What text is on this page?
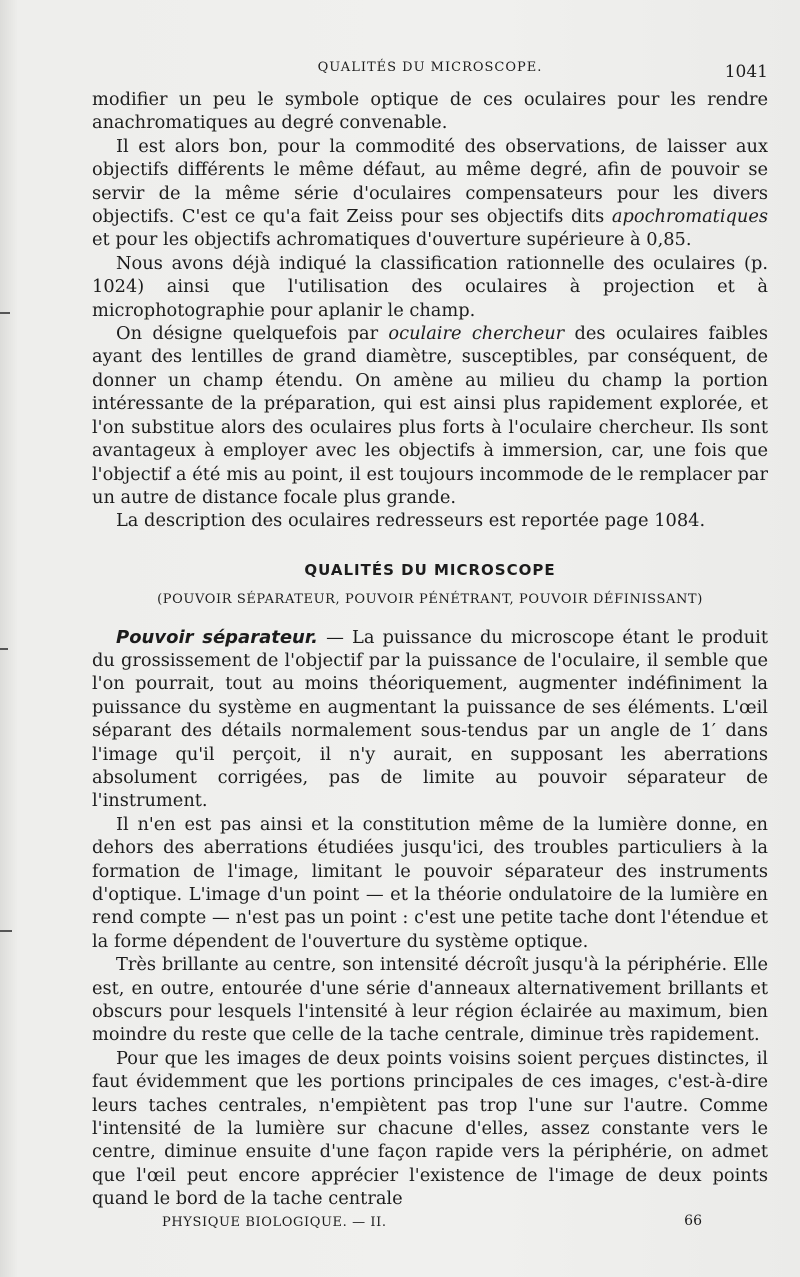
QUALITÉS DU MICROSCOPE.	1041

modifier un peu le symbole optique de ces oculaires pour les rendre anachromatiques au degré convenable.

Il est alors bon, pour la commodité des observations, de laisser aux objectifs différents le même défaut, au même degré, afin de pouvoir se servir de la même série d'oculaires compensateurs pour les divers objectifs. C'est ce qu'a fait Zeiss pour ses objectifs dits apochromatiques et pour les objectifs achromatiques d'ouverture supérieure à 0,85.

Nous avons déjà indiqué la classification rationnelle des oculaires (p. 1024) ainsi que l'utilisation des oculaires à projection et à microphotographie pour aplanir le champ.

On désigne quelquefois par oculaire chercheur des oculaires faibles ayant des lentilles de grand diamètre, susceptibles, par conséquent, de donner un champ étendu. On amène au milieu du champ la portion intéressante de la préparation, qui est ainsi plus rapidement explorée, et l'on substitue alors des oculaires plus forts à l'oculaire chercheur. Ils sont avantageux à employer avec les objectifs à immersion, car, une fois que l'objectif a été mis au point, il est toujours incommode de le remplacer par un autre de distance focale plus grande.

La description des oculaires redresseurs est reportée page 1084.

QUALITÉS DU MICROSCOPE
(POUVOIR SÉPARATEUR, POUVOIR PÉNÉTRANT, POUVOIR DÉFINISSANT)

Pouvoir séparateur. — La puissance du microscope étant le produit du grossissement de l'objectif par la puissance de l'oculaire, il semble que l'on pourrait, tout au moins théoriquement, augmenter indéfiniment la puissance du système en augmentant la puissance de ses éléments. L'œil séparant des détails normalement sous-tendus par un angle de 1′ dans l'image qu'il perçoit, il n'y aurait, en supposant les aberrations absolument corrigées, pas de limite au pouvoir séparateur de l'instrument.

Il n'en est pas ainsi et la constitution même de la lumière donne, en dehors des aberrations étudiées jusqu'ici, des troubles particuliers à la formation de l'image, limitant le pouvoir séparateur des instruments d'optique. L'image d'un point — et la théorie ondulatoire de la lumière en rend compte — n'est pas un point : c'est une petite tache dont l'étendue et la forme dépendent de l'ouverture du système optique.

Très brillante au centre, son intensité décroît jusqu'à la périphérie. Elle est, en outre, entourée d'une série d'anneaux alternativement brillants et obscurs pour lesquels l'intensité à leur région éclairée au maximum, bien moindre du reste que celle de la tache centrale, diminue très rapidement.

Pour que les images de deux points voisins soient perçues distinctes, il faut évidemment que les portions principales de ces images, c'est-à-dire leurs taches centrales, n'empiètent pas trop l'une sur l'autre. Comme l'intensité de la lumière sur chacune d'elles, assez constante vers le centre, diminue ensuite d'une façon rapide vers la périphérie, on admet que l'œil peut encore apprécier l'existence de l'image de deux points quand le bord de la tache centrale

PHYSIQUE BIOLOGIQUE. — II.	66
